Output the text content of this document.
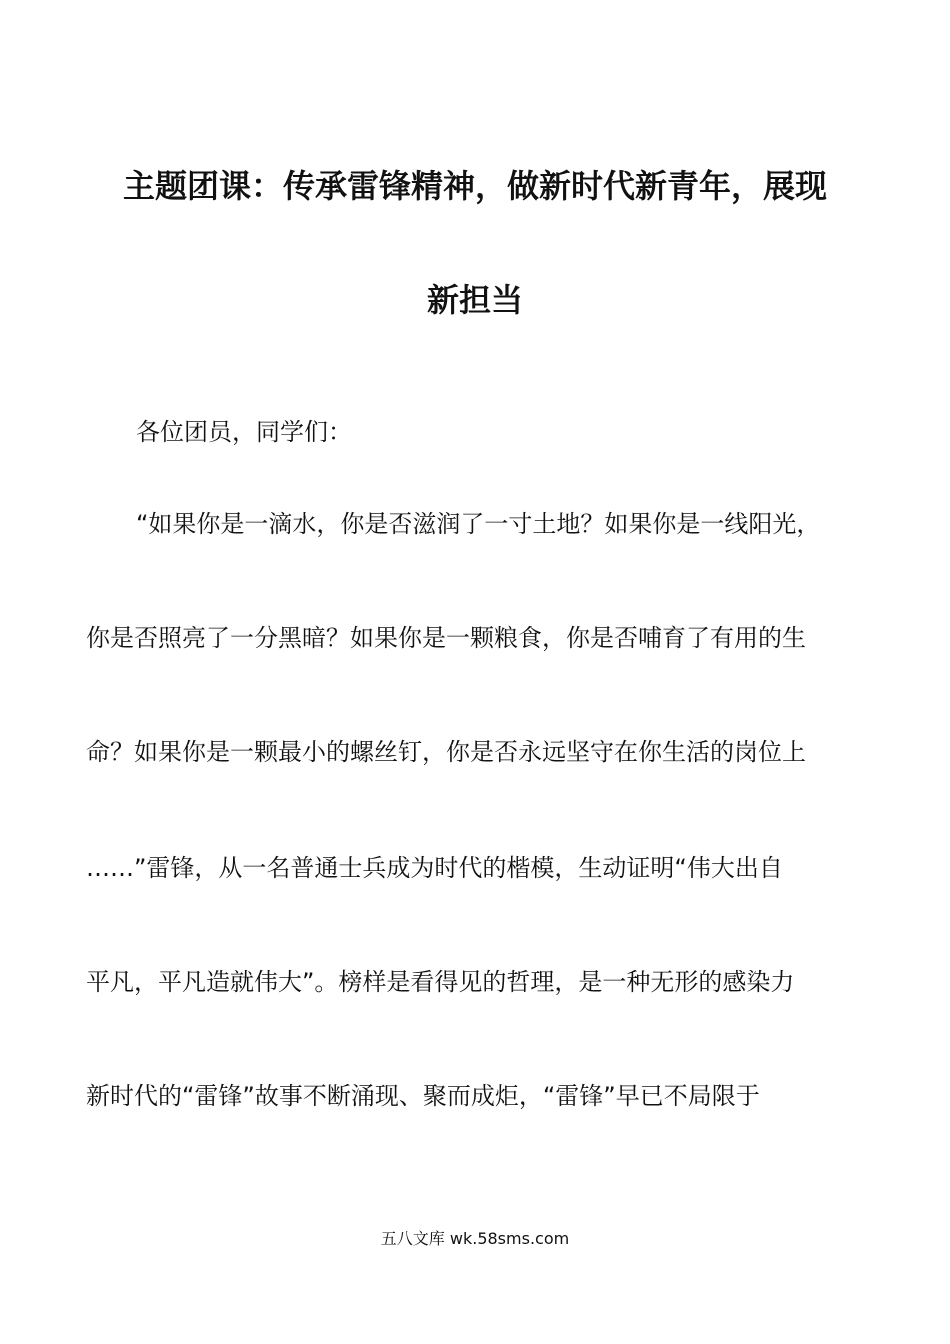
主题团课：传承雷锋精神，做新时代新青年，展现
新担当
各位团员，同学们：
“如果你是一滴水，你是否滋润了一寸土地？如果你是一线阳光，
你是否照亮了一分黑暗？如果你是一颗粮食，你是否哺育了有用的生
命？如果你是一颗最小的螺丝钉，你是否永远坚守在你生活的岗位上
……”雷锋，从一名普通士兵成为时代的楷模，生动证明“伟大出自
平凡，平凡造就伟大”。榜样是看得见的哲理，是一种无形的感染力
新时代的“雷锋”故事不断涌现、聚而成炬，“雷锋”早已不局限于
五八文库 wk.58sms.com
